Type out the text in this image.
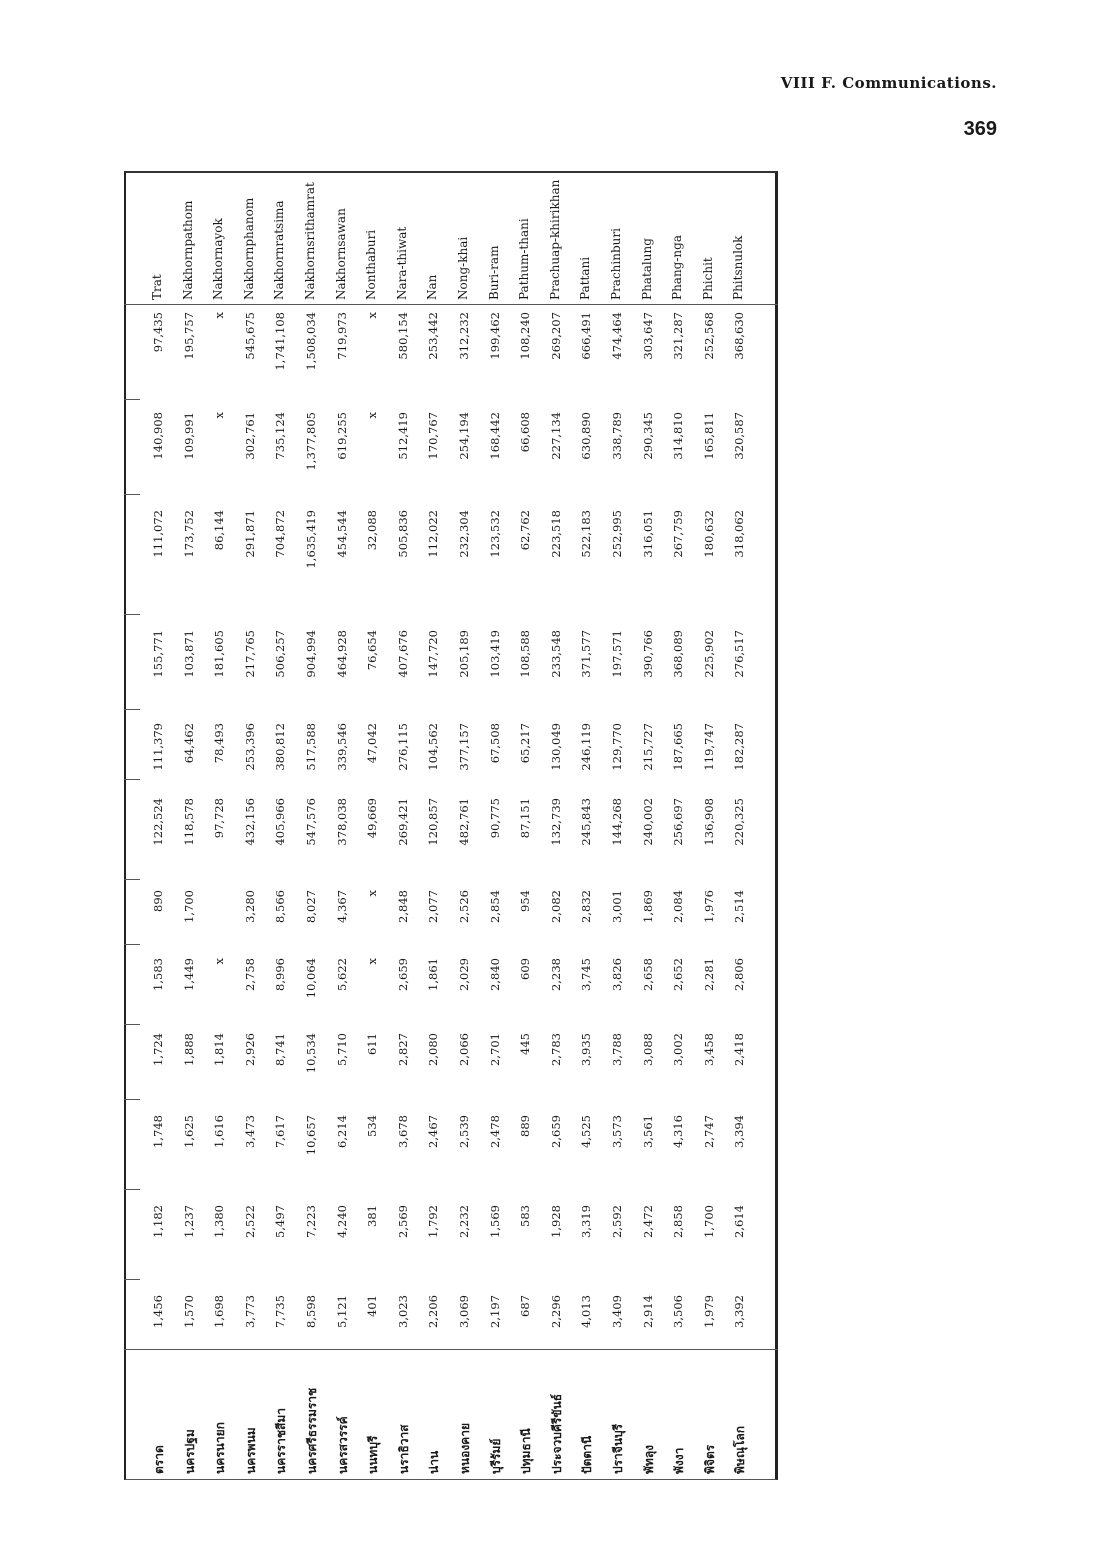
VIII F. Communications.
369
ตราด
1,456
1,182
1,748
1,724
1,583
890
122,524
111,379
155,771
111,072
140,908
97,435
Trat
นครปฐม
1,570
1,237
1,625
1,888
1,449
1,700
118,578
64,462
103,871
173,752
109,991
195,757
Nakhornpathom
นครนายก
1,698
1,380
1,616
1,814
x
97,728
78,493
181,605
86,144
x
x
Nakhornayok
นครพนม
3,773
2,522
3,473
2,926
2,758
3,280
432,156
253,396
217,765
291,871
302,761
545,675
Nakhornphanom
นครราชสีมา
7,735
5,497
7,617
8,741
8,996
8,566
405,966
380,812
506,257
704,872
735,124
1,741,108
Nakhornratsima
นครศรีธรรมราช
8,598
7,223
10,657
10,534
10,064
8,027
547,576
517,588
904,994
1,635,419
1,377,805
1,508,034
Nakhornsrithamrat
นครสวรรค์
5,121
4,240
6,214
5,710
5,622
4,367
378,038
339,546
464,928
454,544
619,255
719,973
Nakhornsawan
นนทบุรี
401
381
534
611
x
x
49,669
47,042
76,654
32,088
x
x
Nonthaburi
นราธิวาส
3,023
2,569
3,678
2,827
2,659
2,848
269,421
276,115
407,676
505,836
512,419
580,154
Nara-thiwat
น่าน
2,206
1,792
2,467
2,080
1,861
2,077
120,857
104,562
147,720
112,022
170,767
253,442
Nan
หนองคาย
3,069
2,232
2,539
2,066
2,029
2,526
482,761
377,157
205,189
232,304
254,194
312,232
Nong-khai
บุรีรัมย์
2,197
1,569
2,478
2,701
2,840
2,854
90,775
67,508
103,419
123,532
168,442
199,462
Buri-ram
ปทุมธานี
687
583
889
445
609
954
87,151
65,217
108,588
62,762
66,608
108,240
Pathum-thani
ประจวบคีรีขันธ์
2,296
1,928
2,659
2,783
2,238
2,082
132,739
130,049
233,548
223,518
227,134
269,207
Prachuap-khirikhan
ปัตตานี
4,013
3,319
4,525
3,935
3,745
2,832
245,843
246,119
371,577
522,183
630,890
666,491
Pattani
ปราจีนบุรี
3,409
2,592
3,573
3,788
3,826
3,001
144,268
129,770
197,571
252,995
338,789
474,464
Prachinburi
พัทลุง
2,914
2,472
3,561
3,088
2,658
1,869
240,002
215,727
390,766
316,051
290,345
303,647
Phatalung
พังงา
3,506
2,858
4,316
3,002
2,652
2,084
256,697
187,665
368,089
267,759
314,810
321,287
Phang-nga
พิจิตร
1,979
1,700
2,747
3,458
2,281
1,976
136,908
119,747
225,902
180,632
165,811
252,568
Phichit
พิษณุโลก
3,392
2,614
3,394
2,418
2,806
2,514
220,325
182,287
276,517
318,062
320,587
368,630
Phitsnulok
